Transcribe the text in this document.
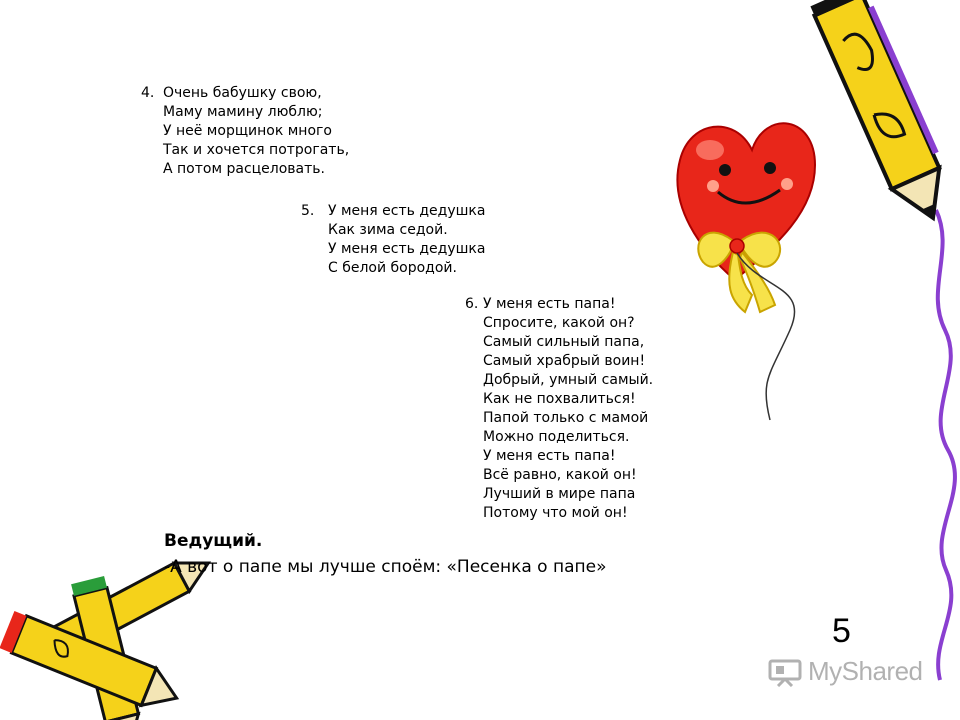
4. Очень бабушку свою,
Маму мамину люблю;
У неё морщинок много
Так и хочется потрогать,
А потом расцеловать.
5. У меня есть дедушка
Как зима седой.
У меня есть дедушка
С белой бородой.
6. У меня есть папа!
Спросите, какой он?
Самый сильный папа,
Самый храбрый воин!
Добрый, умный самый.
Как не похвалиться!
Папой только с мамой
Можно поделиться.
У меня есть папа!
Всё равно, какой он!
Лучший в мире папа
Потому что мой он!
Ведущий.
-А вот о папе мы лучше споём: «Песенка о папе»
5
MyShared
